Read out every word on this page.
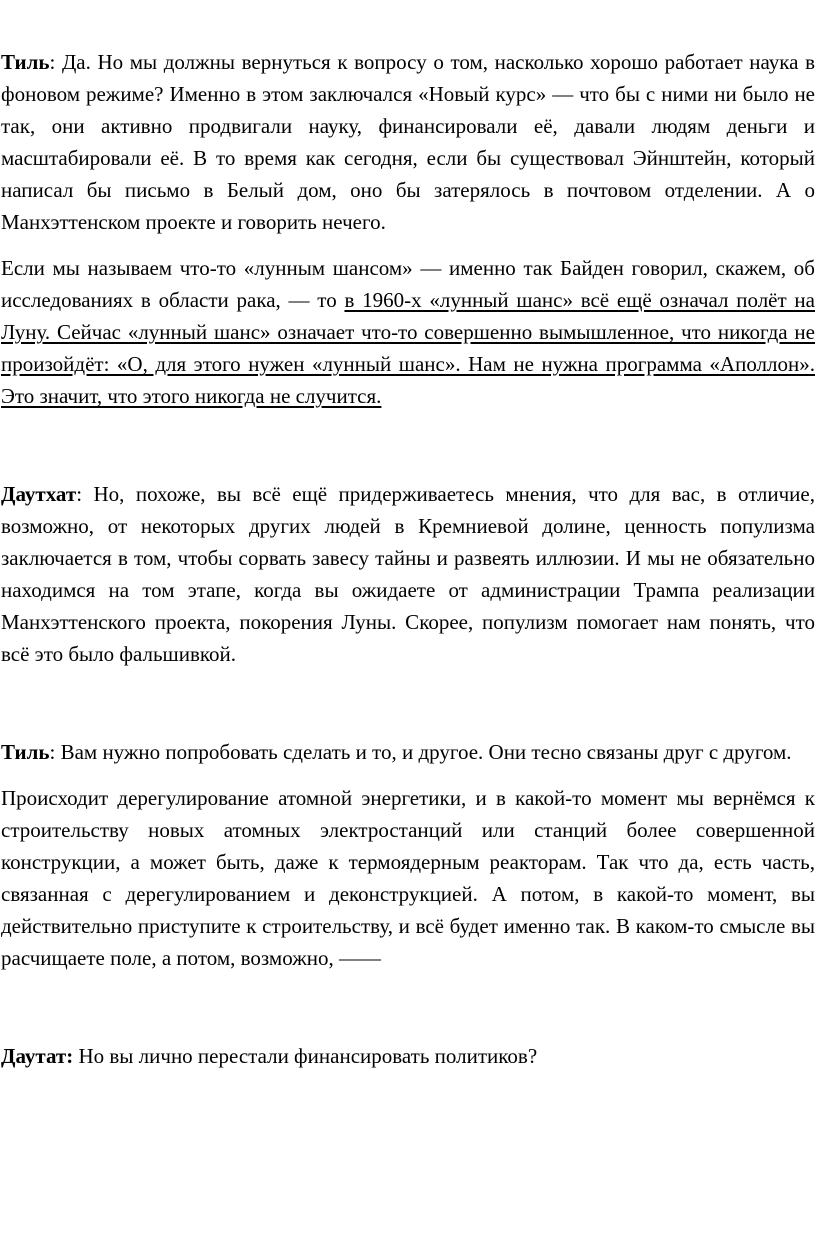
Тиль: Да. Но мы должны вернуться к вопросу о том, насколько хорошо работает наука в фоновом режиме? Именно в этом заключался «Новый курс» — что бы с ними ни было не так, они активно продвигали науку, финансировали её, давали людям деньги и масштабировали её. В то время как сегодня, если бы существовал Эйнштейн, который написал бы письмо в Белый дом, оно бы затерялось в почтовом отделении. А о Манхэттенском проекте и говорить нечего.

Если мы называем что-то «лунным шансом» — именно так Байден говорил, скажем, об исследованиях в области рака, — то в 1960-х «лунный шанс» всё ещё означал полёт на Луну. Сейчас «лунный шанс» означает что-то совершенно вымышленное, что никогда не произойдёт: «О, для этого нужен «лунный шанс». Нам не нужна программа «Аполлон». Это значит, что этого никогда не случится.

Даутхат: Но, похоже, вы всё ещё придерживаетесь мнения, что для вас, в отличие, возможно, от некоторых других людей в Кремниевой долине, ценность популизма заключается в том, чтобы сорвать завесу тайны и развеять иллюзии. И мы не обязательно находимся на том этапе, когда вы ожидаете от администрации Трампа реализации Манхэттенского проекта, покорения Луны. Скорее, популизм помогает нам понять, что всё это было фальшивкой.

Тиль: Вам нужно попробовать сделать и то, и другое. Они тесно связаны друг с другом.

Происходит дерегулирование атомной энергетики, и в какой-то момент мы вернёмся к строительству новых атомных электростанций или станций более совершенной конструкции, а может быть, даже к термоядерным реакторам. Так что да, есть часть, связанная с дерегулированием и деконструкцией. А потом, в какой-то момент, вы действительно приступите к строительству, и всё будет именно так. В каком-то смысле вы расчищаете поле, а потом, возможно, ——

Даутат: Но вы лично перестали финансировать политиков?
